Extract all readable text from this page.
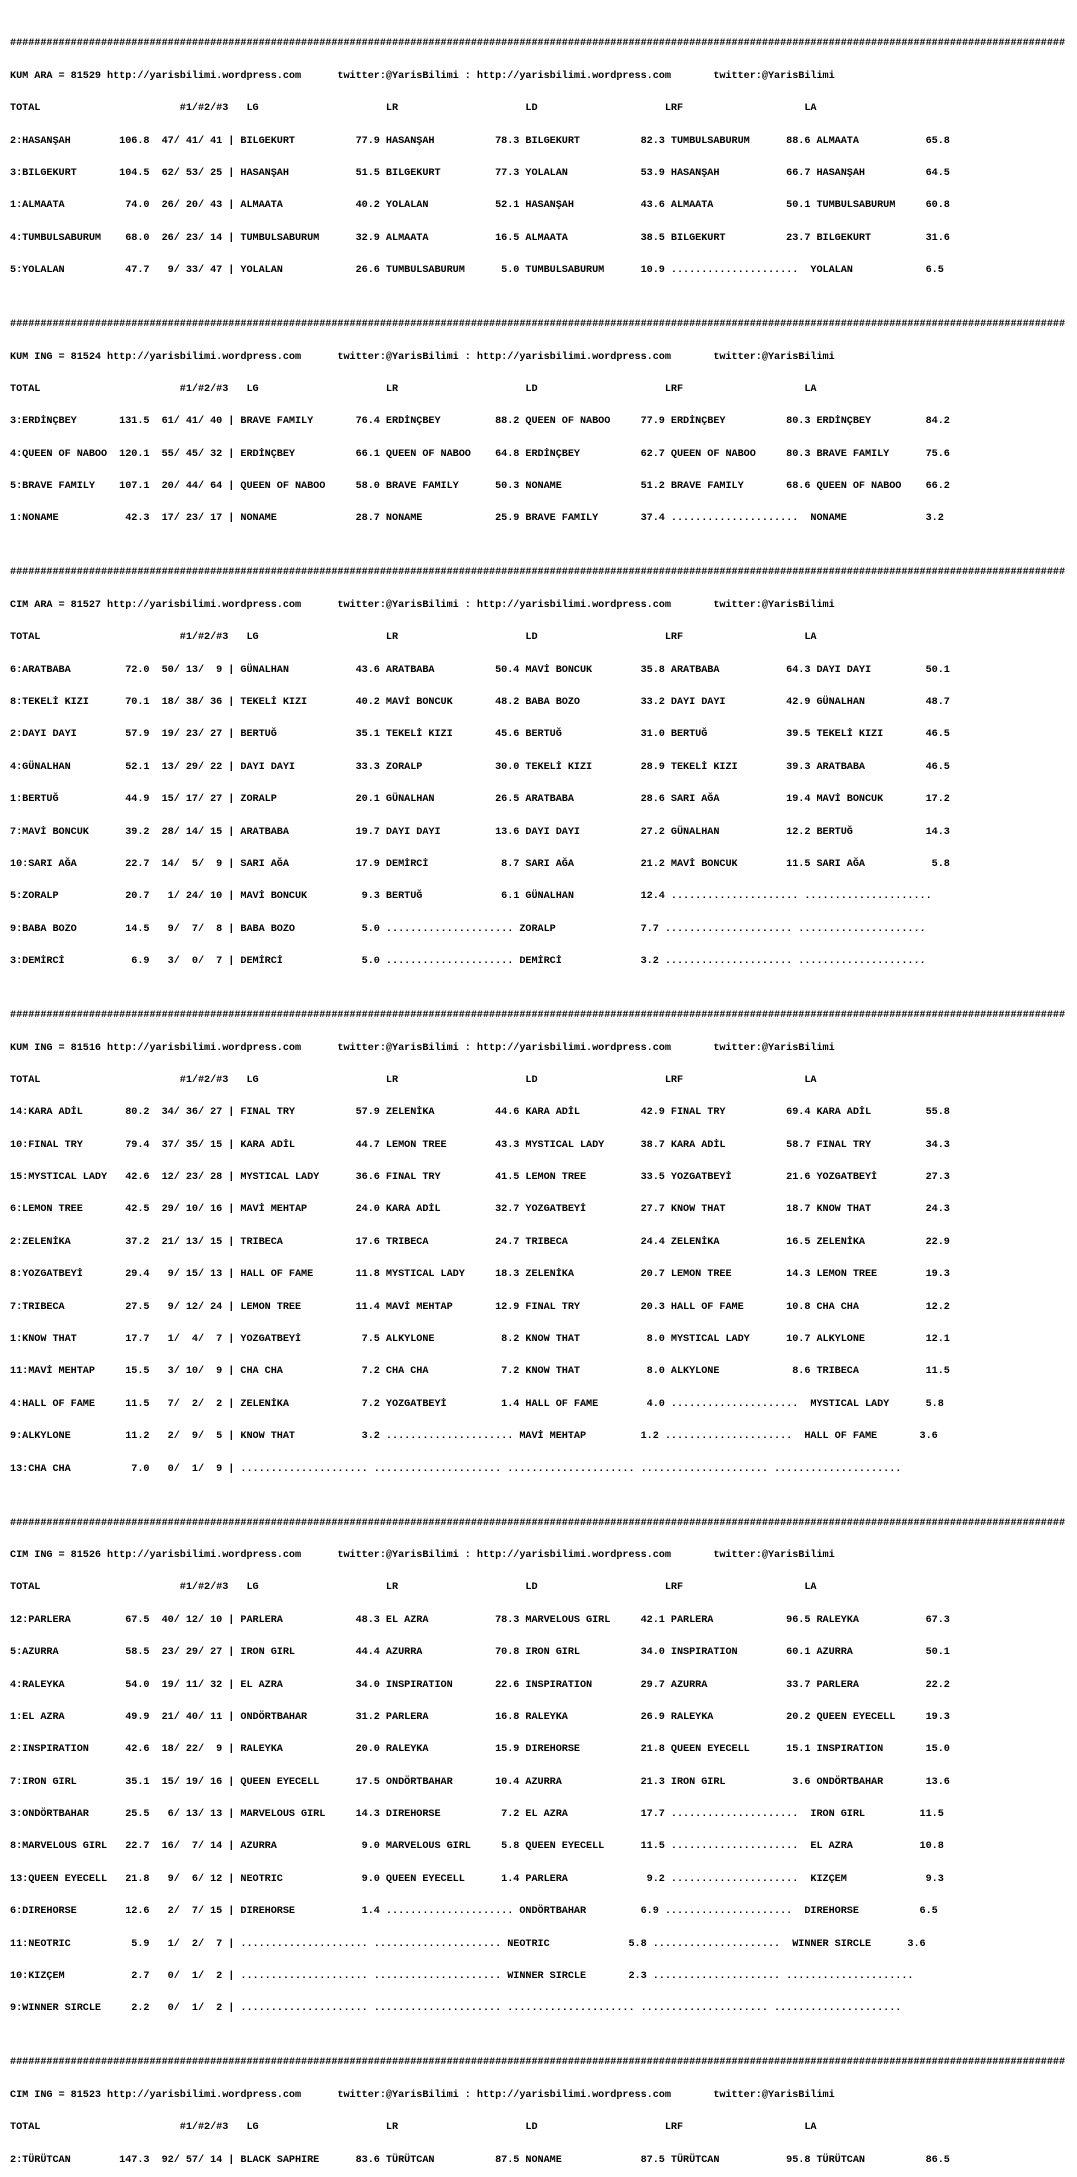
##############################################################################################################################################################################

KUM ARA = 81529 http://yarisbilimi.wordpress.com      twitter:@YarisBilimi : http://yarisbilimi.wordpress.com       twitter:@YarisBilimi

TOTAL                       #1/#2/#3   LG                     LR                     LD                     LRF                    LA

2:HASANŞAH        106.8  47/ 41/ 41 | BILGEKURT          77.9 HASANŞAH          78.3 BILGEKURT          82.3 TUMBULSABURUM      88.6 ALMAATA           65.8

3:BILGEKURT       104.5  62/ 53/ 25 | HASANŞAH           51.5 BILGEKURT         77.3 YOLALAN            53.9 HASANŞAH           66.7 HASANŞAH          64.5

1:ALMAATA          74.0  26/ 20/ 43 | ALMAATA            40.2 YOLALAN           52.1 HASANŞAH           43.6 ALMAATA            50.1 TUMBULSABURUM     60.8

4:TUMBULSABURUM    68.0  26/ 23/ 14 | TUMBULSABURUM      32.9 ALMAATA           16.5 ALMAATA            38.5 BILGEKURT          23.7 BILGEKURT         31.6

5:YOLALAN          47.7   9/ 33/ 47 | YOLALAN            26.6 TUMBULSABURUM      5.0 TUMBULSABURUM      10.9 .....................  YOLALAN            6.5

##############################################################################################################################################################################

KUM ING = 81524 http://yarisbilimi.wordpress.com      twitter:@YarisBilimi : http://yarisbilimi.wordpress.com       twitter:@YarisBilimi

TOTAL                       #1/#2/#3   LG                     LR                     LD                     LRF                    LA

3:ERDİNÇBEY       131.5  61/ 41/ 40 | BRAVE FAMILY       76.4 ERDİNÇBEY         88.2 QUEEN OF NABOO     77.9 ERDİNÇBEY          80.3 ERDİNÇBEY         84.2

4:QUEEN OF NABOO  120.1  55/ 45/ 32 | ERDİNÇBEY          66.1 QUEEN OF NABOO    64.8 ERDİNÇBEY          62.7 QUEEN OF NABOO     80.3 BRAVE FAMILY      75.6

5:BRAVE FAMILY    107.1  20/ 44/ 64 | QUEEN OF NABOO     58.0 BRAVE FAMILY      50.3 NONAME             51.2 BRAVE FAMILY       68.6 QUEEN OF NABOO    66.2

1:NONAME           42.3  17/ 23/ 17 | NONAME             28.7 NONAME            25.9 BRAVE FAMILY       37.4 .....................  NONAME             3.2

##############################################################################################################################################################################

CIM ARA = 81527 http://yarisbilimi.wordpress.com      twitter:@YarisBilimi : http://yarisbilimi.wordpress.com       twitter:@YarisBilimi

TOTAL                       #1/#2/#3   LG                     LR                     LD                     LRF                    LA

6:ARATBABA         72.0  50/ 13/  9 | GÜNALHAN           43.6 ARATBABA          50.4 MAVİ BONCUK        35.8 ARATBABA           64.3 DAYI DAYI         50.1

8:TEKELİ KIZI      70.1  18/ 38/ 36 | TEKELİ KIZI        40.2 MAVİ BONCUK       48.2 BABA BOZO          33.2 DAYI DAYI          42.9 GÜNALHAN          48.7

2:DAYI DAYI        57.9  19/ 23/ 27 | BERTUĞ             35.1 TEKELİ KIZI       45.6 BERTUĞ             31.0 BERTUĞ             39.5 TEKELİ KIZI       46.5

4:GÜNALHAN         52.1  13/ 29/ 22 | DAYI DAYI          33.3 ZORALP            30.0 TEKELİ KIZI        28.9 TEKELİ KIZI        39.3 ARATBABA          46.5

1:BERTUĞ           44.9  15/ 17/ 27 | ZORALP             20.1 GÜNALHAN          26.5 ARATBABA           28.6 SARI AĞA           19.4 MAVİ BONCUK       17.2

7:MAVİ BONCUK      39.2  28/ 14/ 15 | ARATBABA           19.7 DAYI DAYI         13.6 DAYI DAYI          27.2 GÜNALHAN           12.2 BERTUĞ            14.3

10:SARI AĞA        22.7  14/  5/  9 | SARI AĞA           17.9 DEMİRCİ            8.7 SARI AĞA           21.2 MAVİ BONCUK        11.5 SARI AĞA           5.8

5:ZORALP           20.7   1/ 24/ 10 | MAVİ BONCUK         9.3 BERTUĞ             6.1 GÜNALHAN           12.4 ..................... .....................

9:BABA BOZO        14.5   9/  7/  8 | BABA BOZO           5.0 ..................... ZORALP              7.7 ..................... .....................

3:DEMİRCİ           6.9   3/  0/  7 | DEMİRCİ             5.0 ..................... DEMİRCİ             3.2 ..................... .....................

##############################################################################################################################################################################

KUM ING = 81516 http://yarisbilimi.wordpress.com      twitter:@YarisBilimi : http://yarisbilimi.wordpress.com       twitter:@YarisBilimi

TOTAL                       #1/#2/#3   LG                     LR                     LD                     LRF                    LA

14:KARA ADİL       80.2  34/ 36/ 27 | FINAL TRY          57.9 ZELENİKA          44.6 KARA ADİL          42.9 FINAL TRY          69.4 KARA ADİL         55.8

10:FINAL TRY       79.4  37/ 35/ 15 | KARA ADİL          44.7 LEMON TREE        43.3 MYSTICAL LADY      38.7 KARA ADİL          58.7 FINAL TRY         34.3

15:MYSTICAL LADY   42.6  12/ 23/ 28 | MYSTICAL LADY      36.6 FINAL TRY         41.5 LEMON TREE         33.5 YOZGATBEYİ         21.6 YOZGATBEYİ        27.3

6:LEMON TREE       42.5  29/ 10/ 16 | MAVİ MEHTAP        24.0 KARA ADİL         32.7 YOZGATBEYİ         27.7 KNOW THAT          18.7 KNOW THAT         24.3

2:ZELENİKA         37.2  21/ 13/ 15 | TRIBECA            17.6 TRIBECA           24.7 TRIBECA            24.4 ZELENİKA           16.5 ZELENİKA          22.9

8:YOZGATBEYİ       29.4   9/ 15/ 13 | HALL OF FAME       11.8 MYSTICAL LADY     18.3 ZELENİKA           20.7 LEMON TREE         14.3 LEMON TREE        19.3

7:TRIBECA          27.5   9/ 12/ 24 | LEMON TREE         11.4 MAVİ MEHTAP       12.9 FINAL TRY          20.3 HALL OF FAME       10.8 CHA CHA           12.2

1:KNOW THAT        17.7   1/  4/  7 | YOZGATBEYİ          7.5 ALKYLONE           8.2 KNOW THAT           8.0 MYSTICAL LADY      10.7 ALKYLONE          12.1

11:MAVİ MEHTAP     15.5   3/ 10/  9 | CHA CHA             7.2 CHA CHA            7.2 KNOW THAT           8.0 ALKYLONE            8.6 TRIBECA           11.5

4:HALL OF FAME     11.5   7/  2/  2 | ZELENİKA            7.2 YOZGATBEYİ         1.4 HALL OF FAME        4.0 .....................  MYSTICAL LADY      5.8

9:ALKYLONE         11.2   2/  9/  5 | KNOW THAT           3.2 ..................... MAVİ MEHTAP         1.2 .....................  HALL OF FAME       3.6

13:CHA CHA          7.0   0/  1/  9 | ..................... ..................... ..................... ..................... .....................

##############################################################################################################################################################################

CIM ING = 81526 http://yarisbilimi.wordpress.com      twitter:@YarisBilimi : http://yarisbilimi.wordpress.com       twitter:@YarisBilimi

TOTAL                       #1/#2/#3   LG                     LR                     LD                     LRF                    LA

12:PARLERA         67.5  40/ 12/ 10 | PARLERA            48.3 EL AZRA           78.3 MARVELOUS GIRL     42.1 PARLERA            96.5 RALEYKA           67.3

5:AZURRA           58.5  23/ 29/ 27 | IRON GIRL          44.4 AZURRA            70.8 IRON GIRL          34.0 INSPIRATION        60.1 AZURRA            50.1

4:RALEYKA          54.0  19/ 11/ 32 | EL AZRA            34.0 INSPIRATION       22.6 INSPIRATION        29.7 AZURRA             33.7 PARLERA           22.2

1:EL AZRA          49.9  21/ 40/ 11 | ONDÖRTBAHAR        31.2 PARLERA           16.8 RALEYKA            26.9 RALEYKA            20.2 QUEEN EYECELL     19.3

2:INSPIRATION      42.6  18/ 22/  9 | RALEYKA            20.0 RALEYKA           15.9 DIREHORSE          21.8 QUEEN EYECELL      15.1 INSPIRATION       15.0

7:IRON GIRL        35.1  15/ 19/ 16 | QUEEN EYECELL      17.5 ONDÖRTBAHAR       10.4 AZURRA             21.3 IRON GIRL           3.6 ONDÖRTBAHAR       13.6

3:ONDÖRTBAHAR      25.5   6/ 13/ 13 | MARVELOUS GIRL     14.3 DIREHORSE          7.2 EL AZRA            17.7 .....................  IRON GIRL         11.5

8:MARVELOUS GIRL   22.7  16/  7/ 14 | AZURRA              9.0 MARVELOUS GIRL     5.8 QUEEN EYECELL      11.5 .....................  EL AZRA           10.8

13:QUEEN EYECELL   21.8   9/  6/ 12 | NEOTRIC             9.0 QUEEN EYECELL      1.4 PARLERA             9.2 .....................  KIZÇEM             9.3

6:DIREHORSE        12.6   2/  7/ 15 | DIREHORSE           1.4 ..................... ONDÖRTBAHAR         6.9 .....................  DIREHORSE          6.5

11:NEOTRIC          5.9   1/  2/  7 | ..................... ..................... NEOTRIC             5.8 .....................  WINNER SIRCLE      3.6

10:KIZÇEM           2.7   0/  1/  2 | ..................... ..................... WINNER SIRCLE       2.3 ..................... .....................

9:WINNER SIRCLE     2.2   0/  1/  2 | ..................... ..................... ..................... ..................... .....................

##############################################################################################################################################################################

CIM ING = 81523 http://yarisbilimi.wordpress.com      twitter:@YarisBilimi : http://yarisbilimi.wordpress.com       twitter:@YarisBilimi

TOTAL                       #1/#2/#3   LG                     LR                     LD                     LRF                    LA

2:TÜRÜTCAN        147.3  92/ 57/ 14 | BLACK SAPHIRE      83.6 TÜRÜTCAN          87.5 NONAME             87.5 TÜRÜTCAN           95.8 TÜRÜTCAN          86.5
